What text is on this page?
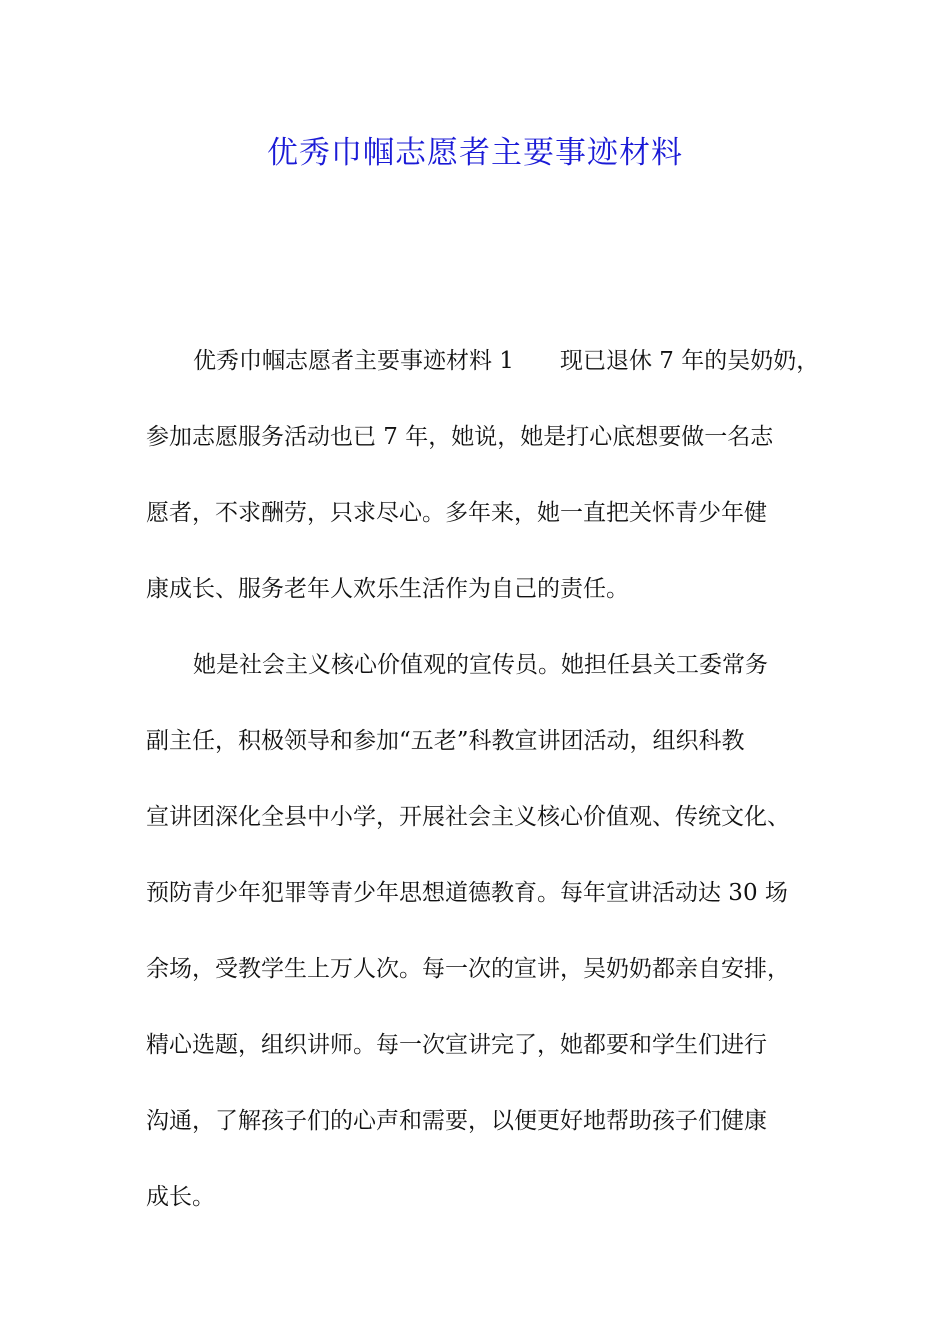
优秀巾帼志愿者主要事迹材料
优秀巾帼志愿者主要事迹材料 1 现已退休 7 年的吴奶奶，
参加志愿服务活动也已 7 年，她说，她是打心底想要做一名志
愿者，不求酬劳，只求尽心。多年来，她一直把关怀青少年健
康成长、服务老年人欢乐生活作为自己的责任。
她是社会主义核心价值观的宣传员。她担任县关工委常务
副主任，积极领导和参加“五老”科教宣讲团活动，组织科教
宣讲团深化全县中小学，开展社会主义核心价值观、传统文化、
预防青少年犯罪等青少年思想道德教育。每年宣讲活动达 30 场
余场，受教学生上万人次。每一次的宣讲，吴奶奶都亲自安排，
精心选题，组织讲师。每一次宣讲完了，她都要和学生们进行
沟通，了解孩子们的心声和需要，以便更好地帮助孩子们健康
成长。
